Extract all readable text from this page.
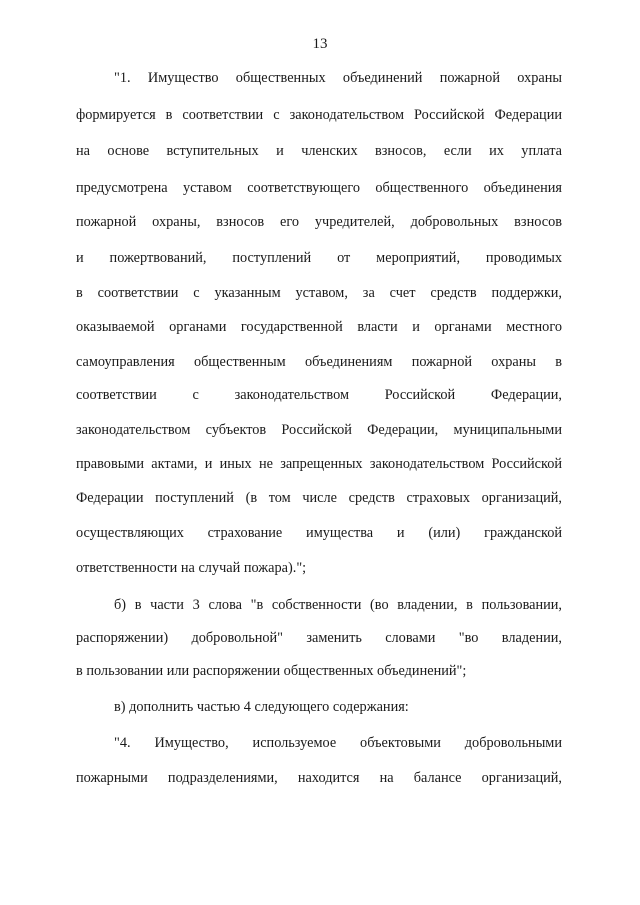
13
"1. Имущество общественных объединений пожарной охраны
формируется в соответствии с законодательством Российской Федерации
на основе вступительных и членских взносов, если их уплата
предусмотрена уставом соответствующего общественного объединения
пожарной охраны, взносов его учредителей, добровольных взносов
и пожертвований, поступлений от мероприятий, проводимых
в соответствии с указанным уставом, за счет средств поддержки,
оказываемой органами государственной власти и органами местного
самоуправления общественным объединениям пожарной охраны в
соответствии с законодательством Российской Федерации,
законодательством субъектов Российской Федерации, муниципальными
правовыми актами, и иных не запрещенных законодательством Российской
Федерации поступлений (в том числе средств страховых организаций,
осуществляющих страхование имущества и (или) гражданской
ответственности на случай пожара).";
б) в части 3 слова "в собственности (во владении, в пользовании,
распоряжении) добровольной" заменить словами "во владении,
в пользовании или распоряжении общественных объединений";
в) дополнить частью 4 следующего содержания:
"4. Имущество, используемое объектовыми добровольными
пожарными подразделениями, находится на балансе организаций,
